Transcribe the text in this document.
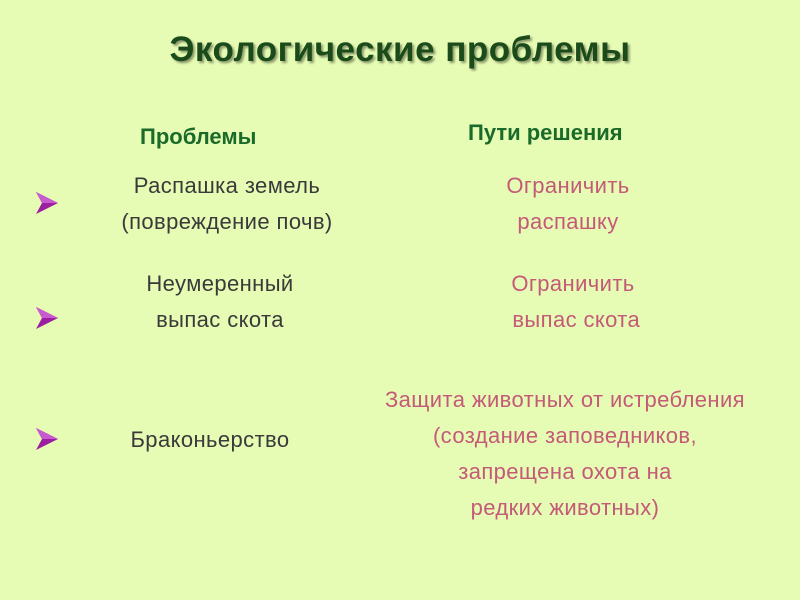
Экологические проблемы
Проблемы	Пути решения
Распашка земель
(повреждение почв)
Ограничить
распашку
Неумеренный
выпас скота
Ограничить
выпас скота
Браконьерство
Защита животных от истребления
(создание заповедников,
запрещена охота на
редких животных)
